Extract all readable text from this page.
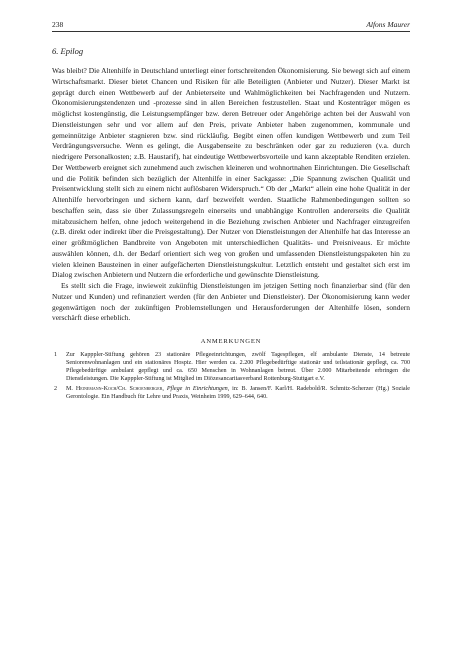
238	Alfons Maurer
6. Epilog

Was bleibt? Die Altenhilfe in Deutschland unterliegt einer fortschreitenden Ökonomisierung. Sie bewegt sich auf einem Wirtschaftsmarkt. Dieser bietet Chancen und Risiken für alle Beteiligten (Anbieter und Nutzer). Dieser Markt ist geprägt durch einen Wettbewerb auf der Anbieterseite und Wahlmöglichkeiten bei Nachfragenden und Nutzern. Ökonomisierungstendenzen und -prozesse sind in allen Bereichen festzustellen. Staat und Kostenträger mögen es möglichst kostengünstig, die Leistungsempfänger bzw. deren Betreuer oder Angehörige achten bei der Auswahl von Dienstleistungen sehr und vor allem auf den Preis, private Anbieter haben zugenommen, kommunale und gemeinnützige Anbieter stagnieren bzw. sind rückläufig. Begibt einen offen kundigen Wettbewerb und zum Teil Verdrängungsversuche. Wenn es gelingt, die Ausgabenseite zu beschränken oder gar zu reduzieren (v.a. durch niedrigere Personalkosten; z.B. Haustarif), hat eindeutige Wettbewerbsvorteile und kann akzeptable Renditen erzielen. Der Wettbewerb ereignet sich zunehmend auch zwischen kleineren und wohnortnahen Einrichtungen. Die Gesellschaft und die Politik befinden sich bezüglich der Altenhilfe in einer Sackgasse: „Die Spannung zwischen Qualität und Preisentwicklung stellt sich zu einem nicht auflösbaren Widerspruch.“ Ob der „Markt“ allein eine hohe Qualität in der Altenhilfe hervorbringen und sichern kann, darf bezweifelt werden. Staatliche Rahmenbedingungen sollten so beschaffen sein, dass sie über Zulassungsregeln einerseits und unabhängige Kontrollen andererseits die Qualität mitabzusichern helfen, ohne jedoch weitergehend in die Beziehung zwischen Anbieter und Nachfrager einzugreifen (z.B. direkt oder indirekt über die Preisgestaltung). Der Nutzer von Dienstleistungen der Altenhilfe hat das Interesse an einer größtmöglichen Bandbreite von Angeboten mit unterschiedlichen Qualitäts- und Preisniveaus. Er möchte auswählen können, d.h. der Bedarf orientiert sich weg von großen und umfassenden Dienstleistungspaketen hin zu vielen kleinen Bausteinen in einer aufgefächerten Dienstleistungskultur. Letztlich entsteht und gestaltet sich erst im Dialog zwischen Anbietern und Nutzern die erforderliche und gewünschte Dienstleistung.

Es stellt sich die Frage, inwieweit zukünftig Dienstleistungen im jetzigen Setting noch finanzierbar sind (für den Nutzer und Kunden) und refinanziert werden (für den Anbieter und Dienstleister). Der Ökonomisierung kann weder gegenwärtigen noch der zukünftigen Problemstellungen und Herausforderungen der Altenhilfe lösen, sondern verschärft diese erheblich.

ANMERKUNGEN
1	Zur Kapppler-Stiftung gehören 23 stationäre Pflegeeinrichtungen, zwölf Tagespflegen, elf ambulante Dienste, 14 betreute Seniorenwohnanlagen und ein stationäres Hospiz. Hier werden ca. 2.200 Pflegebedürftige stationär und teilstationär gepflegt, ca. 700 Pflegebedürftige ambulant gepflegt und ca. 650 Menschen in Wohnanlagen betreut. Über 2.000 Mitarbeitende erbringen die Dienstleistungen. Die Kapppler-Stiftung ist Mitglied im Diözesancaritasverband Rottenburg-Stuttgart e.V.
2	M. Heinemann-Koch/Ch. Schoenberger, Pflege in Einrichtungen, in: B. Jansen/F. Karl/H. Radebold/R. Schmitz-Scherzer (Hg.) Soziale Gerontologie. Ein Handbuch für Lehre und Praxis, Weinheim 1999, 629–644, 640.
